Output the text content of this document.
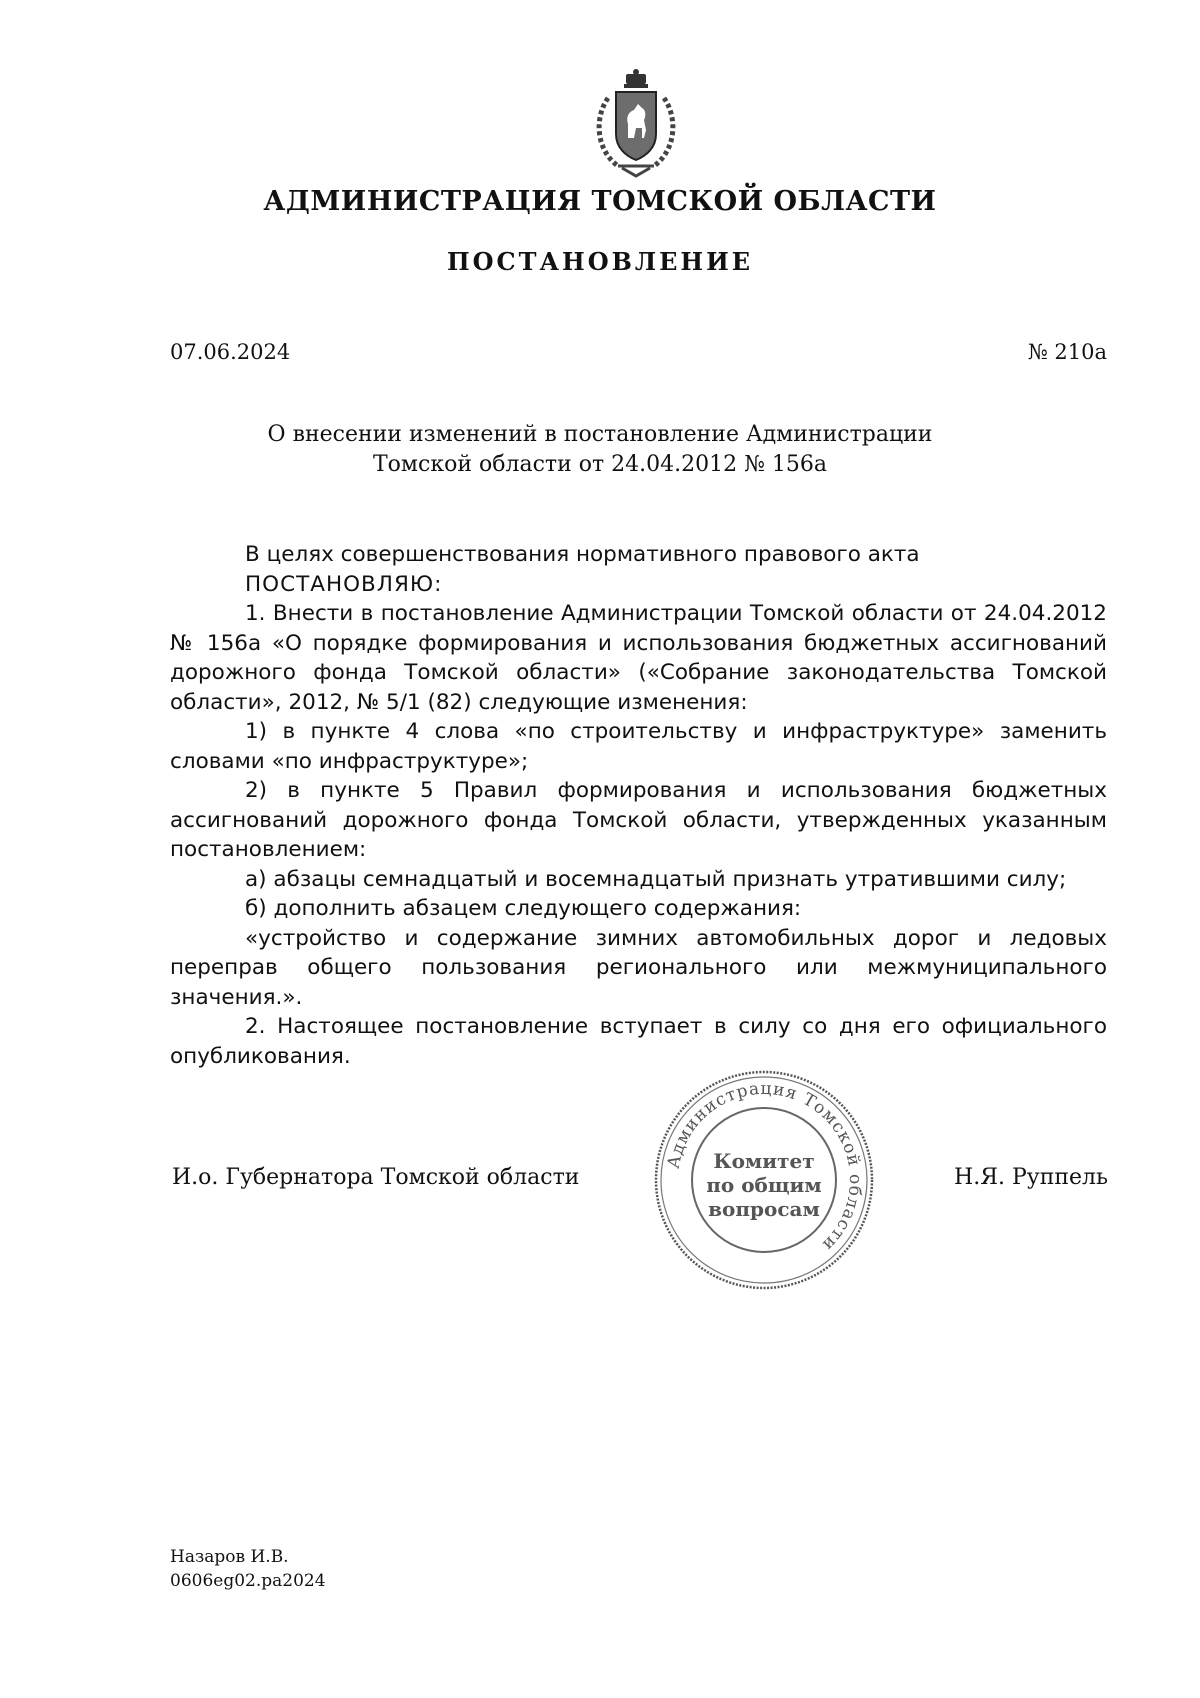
АДМИНИСТРАЦИЯ ТОМСКОЙ ОБЛАСТИ
ПОСТАНОВЛЕНИЕ
07.06.2024	№ 210а
О внесении изменений в постановление Администрации
Томской области от 24.04.2012 № 156а

В целях совершенствования нормативного правового акта

ПОСТАНОВЛЯЮ:

1. Внести в постановление Администрации Томской области от 24.04.2012 № 156а «О порядке формирования и использования бюджетных ассигнований дорожного фонда Томской области» («Собрание законодательства Томской области», 2012, № 5/1 (82) следующие изменения:

1) в пункте 4 слова «по строительству и инфраструктуре» заменить словами «по инфраструктуре»;

2) в пункте 5 Правил формирования и использования бюджетных ассигнований дорожного фонда Томской области, утвержденных указанным постановлением:

а) абзацы семнадцатый и восемнадцатый признать утратившими силу;

б) дополнить абзацем следующего содержания:

«устройство и содержание зимних автомобильных дорог и ледовых переправ общего пользования регионального или межмуниципального значения.».

2. Настоящее постановление вступает в силу со дня его официального опубликования.

И.о. Губернатора Томской области	Н.Я. Руппель
Администрация Томской области
Комитет
по общим
вопросам
Назаров И.В.
0606eg02.pa2024
